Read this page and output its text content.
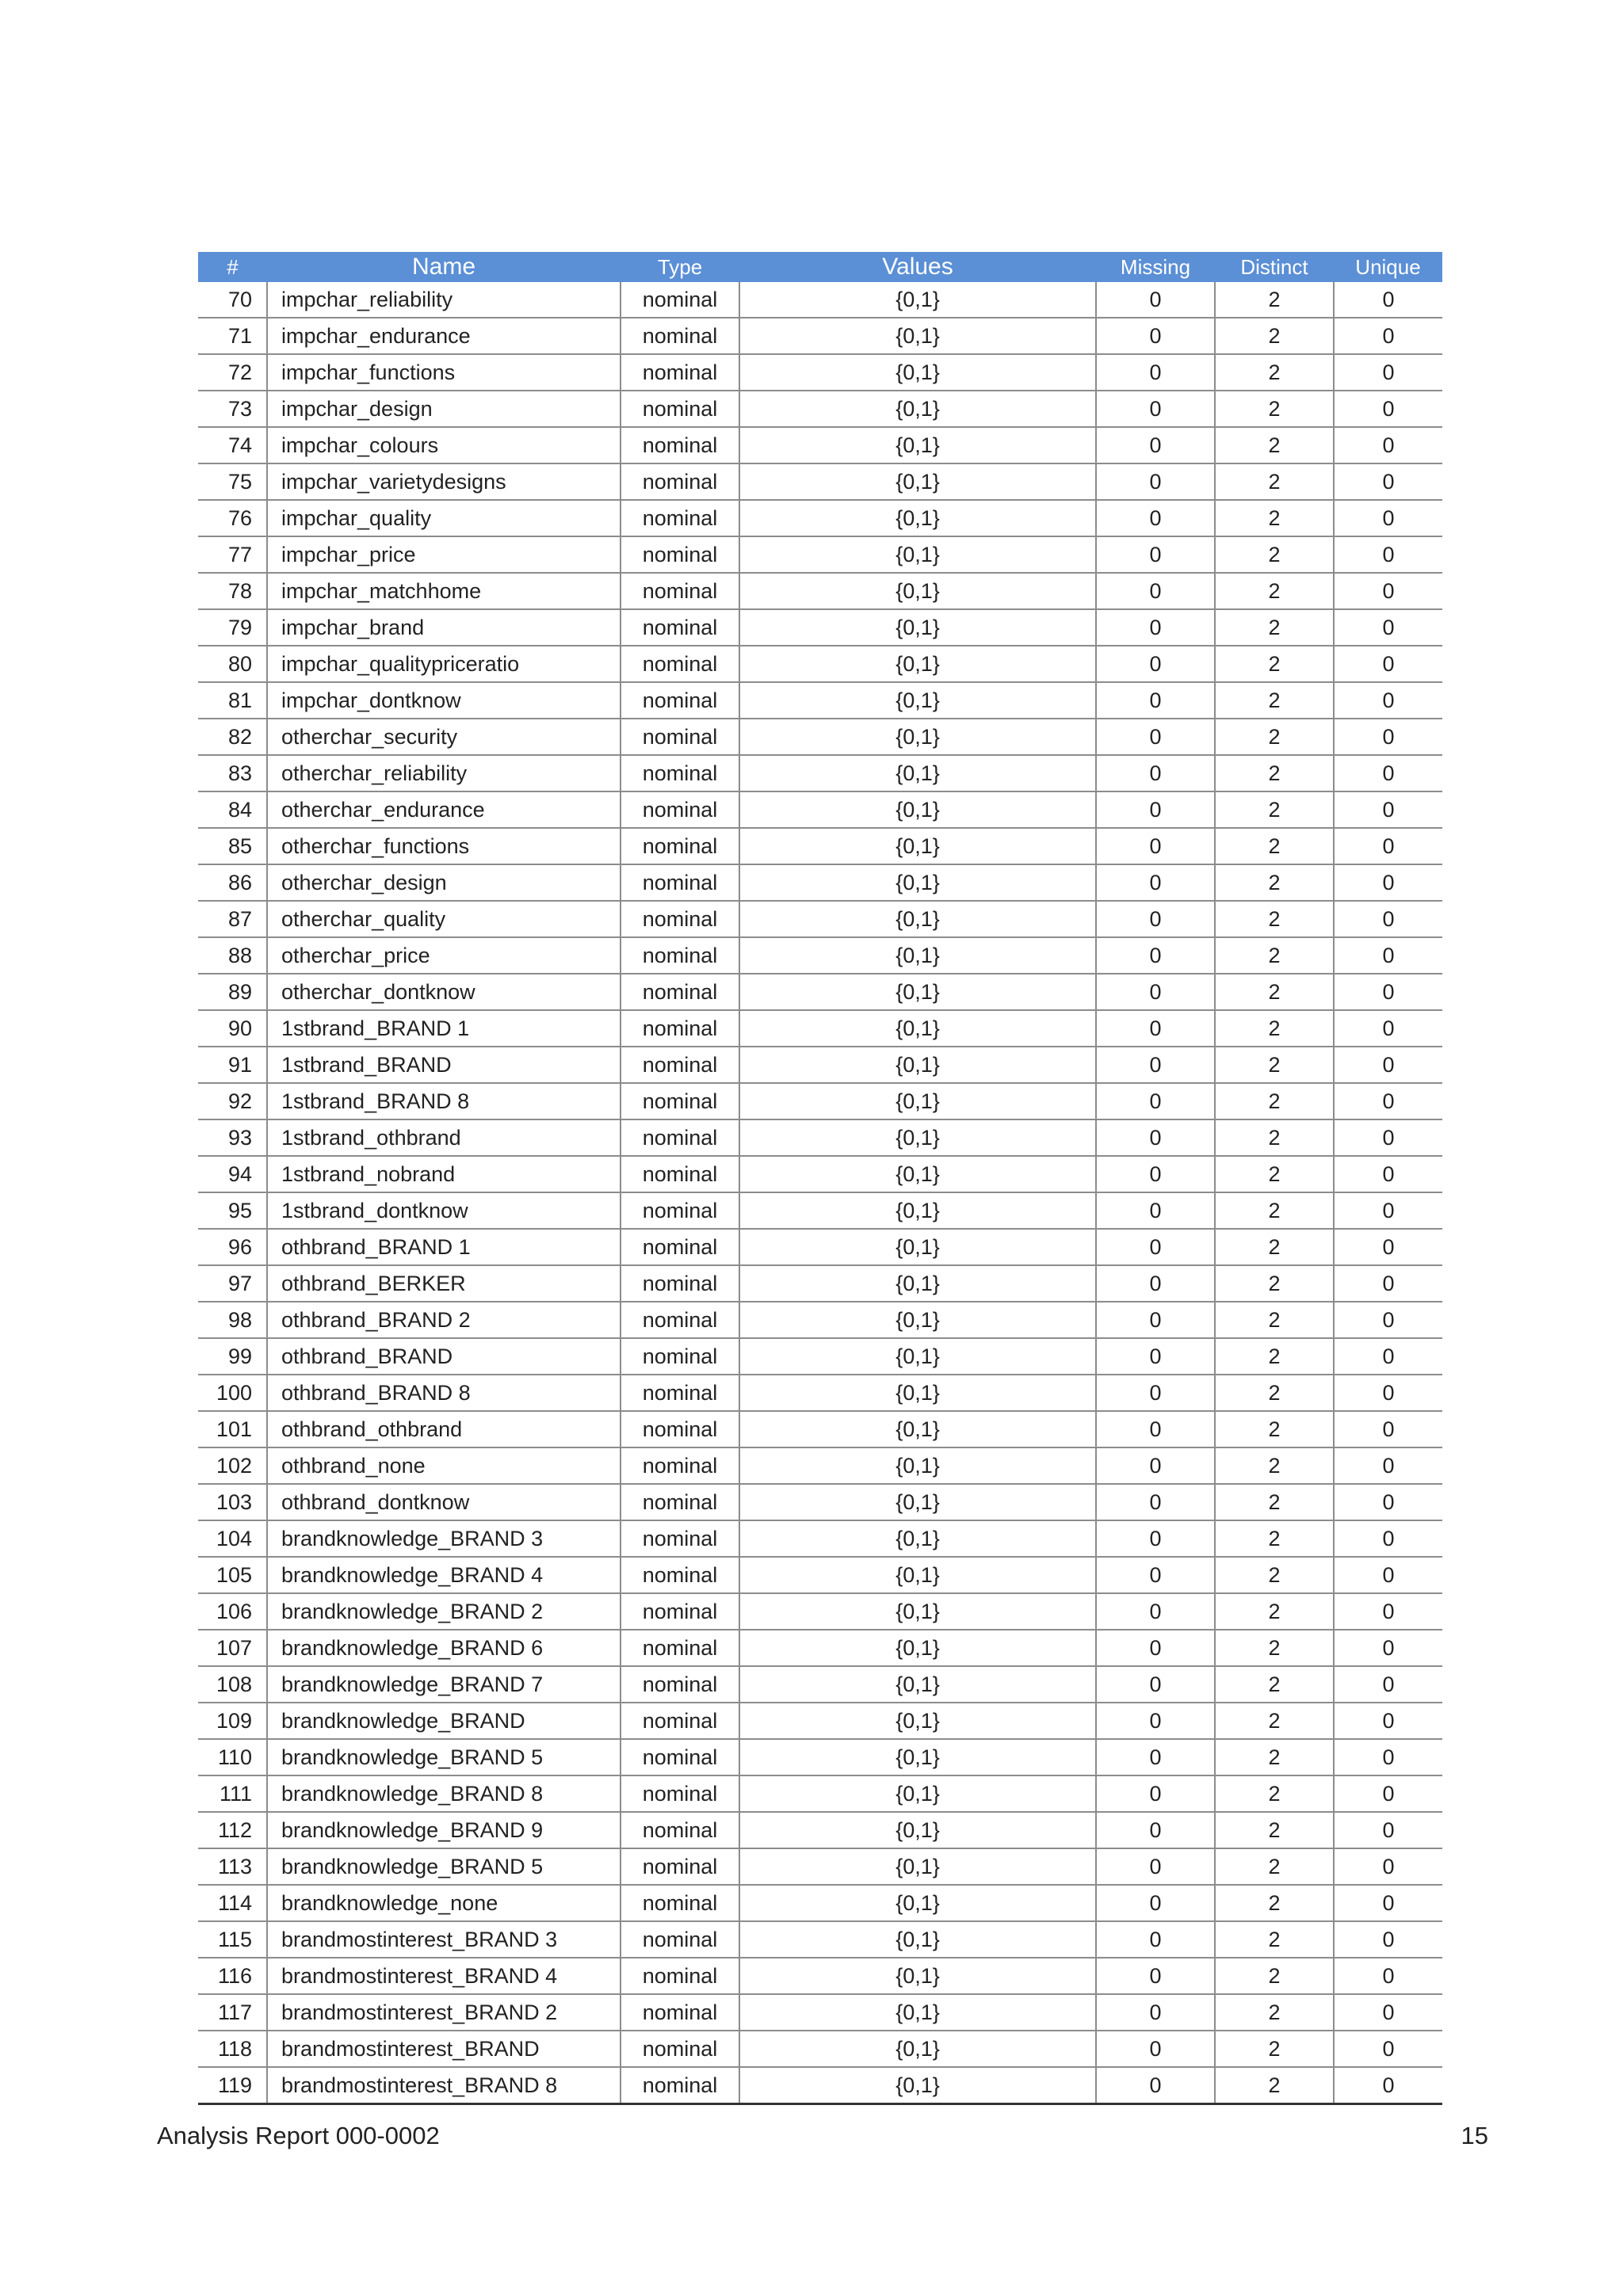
#	Name	Type	Values	Missing	Distinct	Unique
70	impchar_reliability	nominal	{0,1}	0	2	0
71	impchar_endurance	nominal	{0,1}	0	2	0
72	impchar_functions	nominal	{0,1}	0	2	0
73	impchar_design	nominal	{0,1}	0	2	0
74	impchar_colours	nominal	{0,1}	0	2	0
75	impchar_varietydesigns	nominal	{0,1}	0	2	0
76	impchar_quality	nominal	{0,1}	0	2	0
77	impchar_price	nominal	{0,1}	0	2	0
78	impchar_matchhome	nominal	{0,1}	0	2	0
79	impchar_brand	nominal	{0,1}	0	2	0
80	impchar_qualitypriceratio	nominal	{0,1}	0	2	0
81	impchar_dontknow	nominal	{0,1}	0	2	0
82	otherchar_security	nominal	{0,1}	0	2	0
83	otherchar_reliability	nominal	{0,1}	0	2	0
84	otherchar_endurance	nominal	{0,1}	0	2	0
85	otherchar_functions	nominal	{0,1}	0	2	0
86	otherchar_design	nominal	{0,1}	0	2	0
87	otherchar_quality	nominal	{0,1}	0	2	0
88	otherchar_price	nominal	{0,1}	0	2	0
89	otherchar_dontknow	nominal	{0,1}	0	2	0
90	1stbrand_BRAND 1	nominal	{0,1}	0	2	0
91	1stbrand_BRAND	nominal	{0,1}	0	2	0
92	1stbrand_BRAND 8	nominal	{0,1}	0	2	0
93	1stbrand_othbrand	nominal	{0,1}	0	2	0
94	1stbrand_nobrand	nominal	{0,1}	0	2	0
95	1stbrand_dontknow	nominal	{0,1}	0	2	0
96	othbrand_BRAND 1	nominal	{0,1}	0	2	0
97	othbrand_BERKER	nominal	{0,1}	0	2	0
98	othbrand_BRAND 2	nominal	{0,1}	0	2	0
99	othbrand_BRAND	nominal	{0,1}	0	2	0
100	othbrand_BRAND 8	nominal	{0,1}	0	2	0
101	othbrand_othbrand	nominal	{0,1}	0	2	0
102	othbrand_none	nominal	{0,1}	0	2	0
103	othbrand_dontknow	nominal	{0,1}	0	2	0
104	brandknowledge_BRAND 3	nominal	{0,1}	0	2	0
105	brandknowledge_BRAND 4	nominal	{0,1}	0	2	0
106	brandknowledge_BRAND 2	nominal	{0,1}	0	2	0
107	brandknowledge_BRAND 6	nominal	{0,1}	0	2	0
108	brandknowledge_BRAND 7	nominal	{0,1}	0	2	0
109	brandknowledge_BRAND	nominal	{0,1}	0	2	0
110	brandknowledge_BRAND 5	nominal	{0,1}	0	2	0
111	brandknowledge_BRAND 8	nominal	{0,1}	0	2	0
112	brandknowledge_BRAND 9	nominal	{0,1}	0	2	0
113	brandknowledge_BRAND 5	nominal	{0,1}	0	2	0
114	brandknowledge_none	nominal	{0,1}	0	2	0
115	brandmostinterest_BRAND 3	nominal	{0,1}	0	2	0
116	brandmostinterest_BRAND 4	nominal	{0,1}	0	2	0
117	brandmostinterest_BRAND 2	nominal	{0,1}	0	2	0
118	brandmostinterest_BRAND	nominal	{0,1}	0	2	0
119	brandmostinterest_BRAND 8	nominal	{0,1}	0	2	0
Analysis Report 000-0002	15
